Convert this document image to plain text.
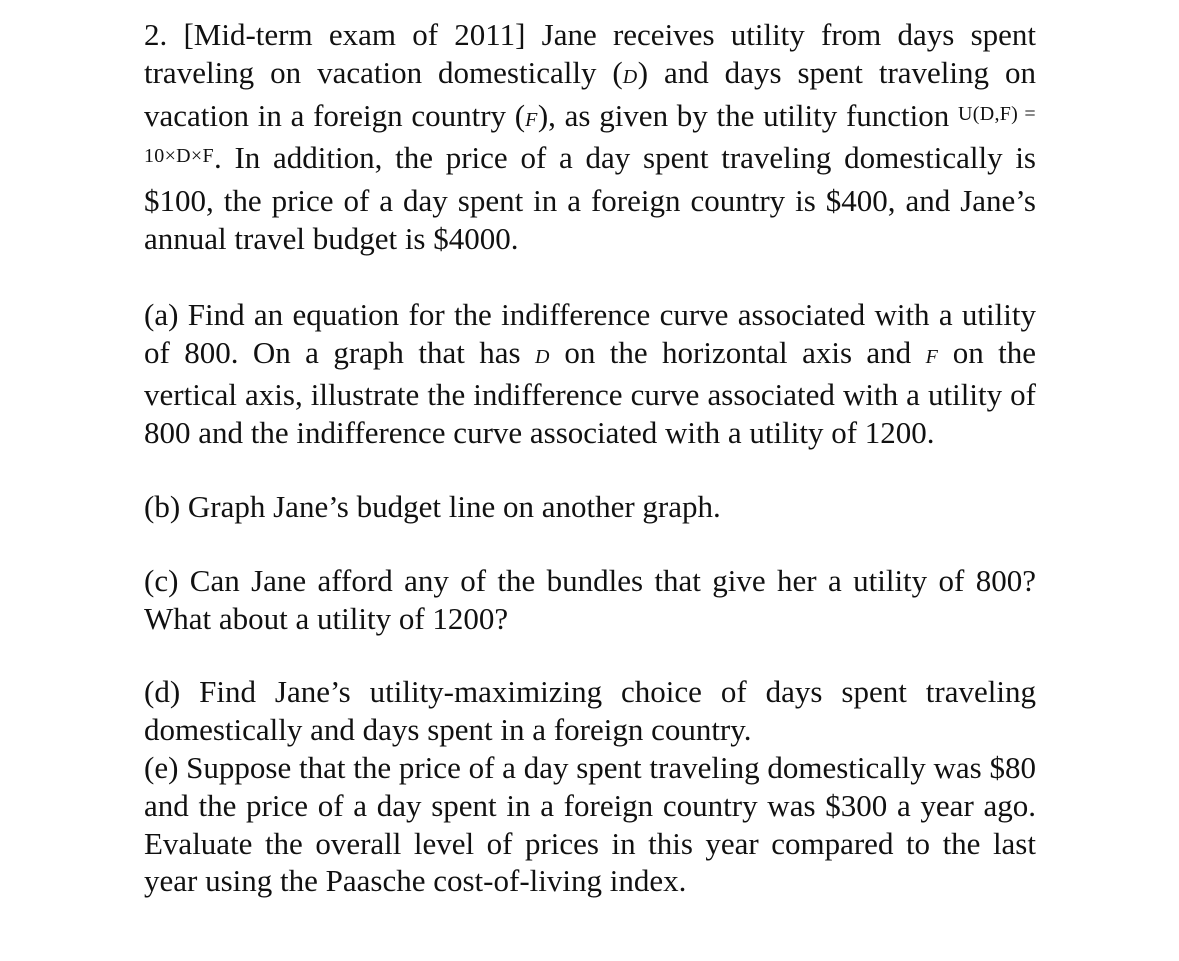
2. [Mid-term exam of 2011] Jane receives utility from days spent traveling on vacation domestically (D) and days spent traveling on vacation in a foreign country (F), as given by the utility function U(D,F) = 10×D×F. In addition, the price of a day spent traveling domestically is $100, the price of a day spent in a foreign country is $400, and Jane’s annual travel budget is $4000.

(a) Find an equation for the indifference curve associated with a utility of 800. On a graph that has D on the horizontal axis and F on the vertical axis, illustrate the indifference curve associated with a utility of 800 and the indifference curve associated with a utility of 1200.

(b) Graph Jane’s budget line on another graph.

(c) Can Jane afford any of the bundles that give her a utility of 800? What about a utility of 1200?

(d) Find Jane’s utility-maximizing choice of days spent traveling domestically and days spent in a foreign country.

(e) Suppose that the price of a day spent traveling domestically was $80 and the price of a day spent in a foreign country was $300 a year ago. Evaluate the overall level of prices in this year compared to the last year using the Paasche cost-of-living index.
